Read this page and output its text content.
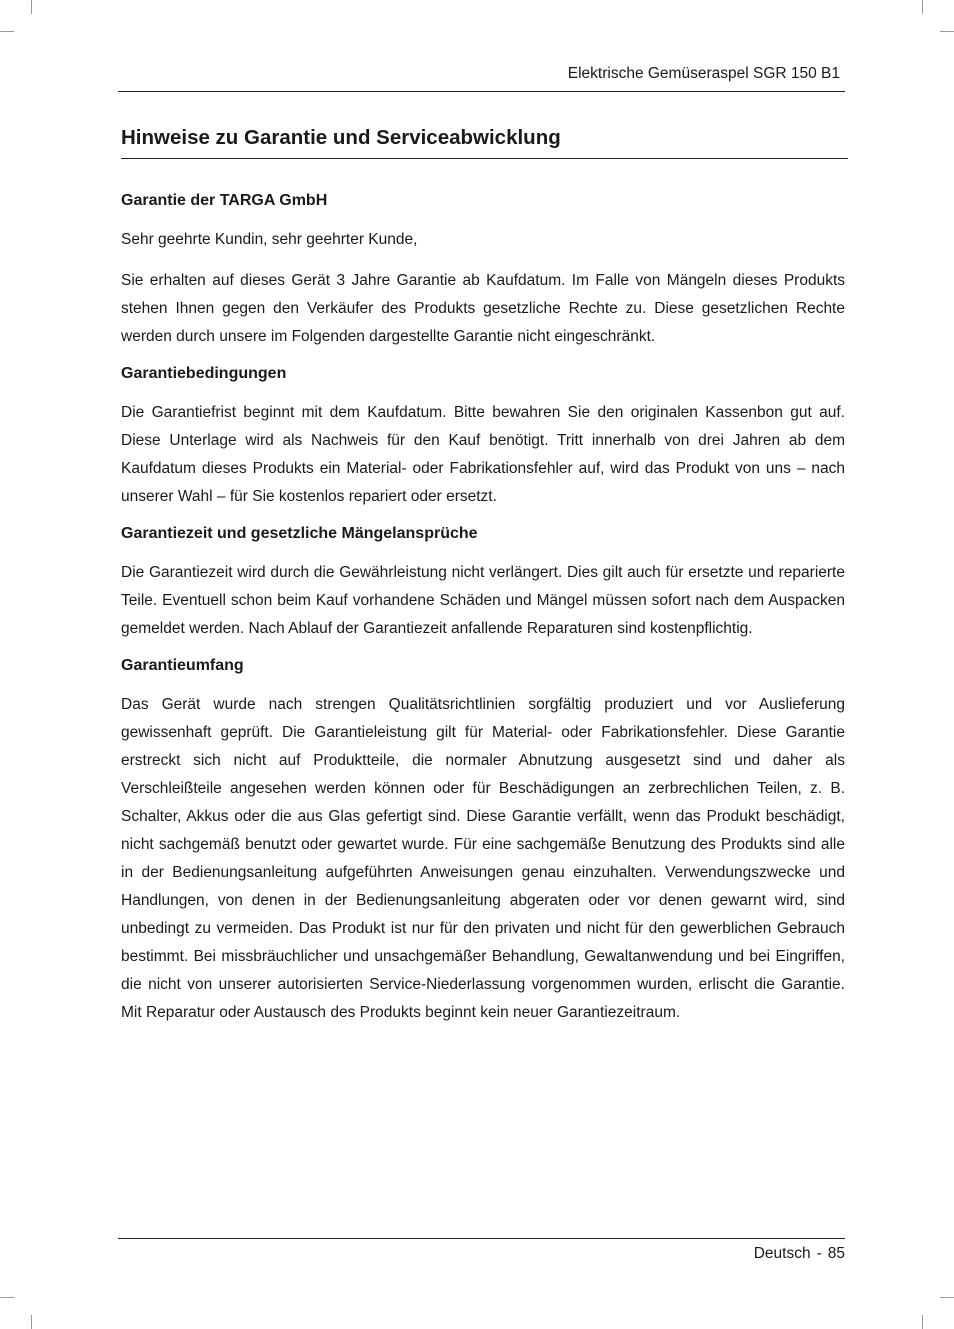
Elektrische Gemüseraspel SGR 150 B1
Hinweise zu Garantie und Serviceabwicklung
Garantie der TARGA GmbH

Sehr geehrte Kundin, sehr geehrter Kunde,

Sie erhalten auf dieses Gerät 3 Jahre Garantie ab Kaufdatum. Im Falle von Mängeln dieses Produkts stehen Ihnen gegen den Verkäufer des Produkts gesetzliche Rechte zu. Diese gesetzlichen Rechte werden durch unsere im Folgenden dargestellte Garantie nicht eingeschränkt.

Garantiebedingungen

Die Garantiefrist beginnt mit dem Kaufdatum. Bitte bewahren Sie den originalen Kassenbon gut auf. Diese Unterlage wird als Nachweis für den Kauf benötigt. Tritt innerhalb von drei Jahren ab dem Kaufdatum dieses Produkts ein Material- oder Fabrikationsfehler auf, wird das Produkt von uns – nach unserer Wahl – für Sie kostenlos repariert oder ersetzt.

Garantiezeit und gesetzliche Mängelansprüche

Die Garantiezeit wird durch die Gewährleistung nicht verlängert. Dies gilt auch für ersetzte und reparierte Teile. Eventuell schon beim Kauf vorhandene Schäden und Mängel müssen sofort nach dem Auspacken gemeldet werden. Nach Ablauf der Garantiezeit anfallende Reparaturen sind kostenpflichtig.

Garantieumfang

Das Gerät wurde nach strengen Qualitätsrichtlinien sorgfältig produziert und vor Auslieferung gewissenhaft geprüft. Die Garantieleistung gilt für Material- oder Fabrikationsfehler. Diese Garantie erstreckt sich nicht auf Produktteile, die normaler Abnutzung ausgesetzt sind und daher als Verschleißteile angesehen werden können oder für Beschädigungen an zerbrechlichen Teilen, z. B. Schalter, Akkus oder die aus Glas gefertigt sind. Diese Garantie verfällt, wenn das Produkt beschädigt, nicht sachgemäß benutzt oder gewartet wurde. Für eine sachgemäße Benutzung des Produkts sind alle in der Bedienungsanleitung aufgeführten Anweisungen genau einzuhalten. Verwendungszwecke und Handlungen, von denen in der Bedienungsanleitung abgeraten oder vor denen gewarnt wird, sind unbedingt zu vermeiden. Das Produkt ist nur für den privaten und nicht für den gewerblichen Gebrauch bestimmt. Bei missbräuchlicher und unsachgemäßer Behandlung, Gewaltanwendung und bei Eingriffen, die nicht von unserer autorisierten Service-Niederlassung vorgenommen wurden, erlischt die Garantie. Mit Reparatur oder Austausch des Produkts beginnt kein neuer Garantiezeitraum.

Deutsch - 85
